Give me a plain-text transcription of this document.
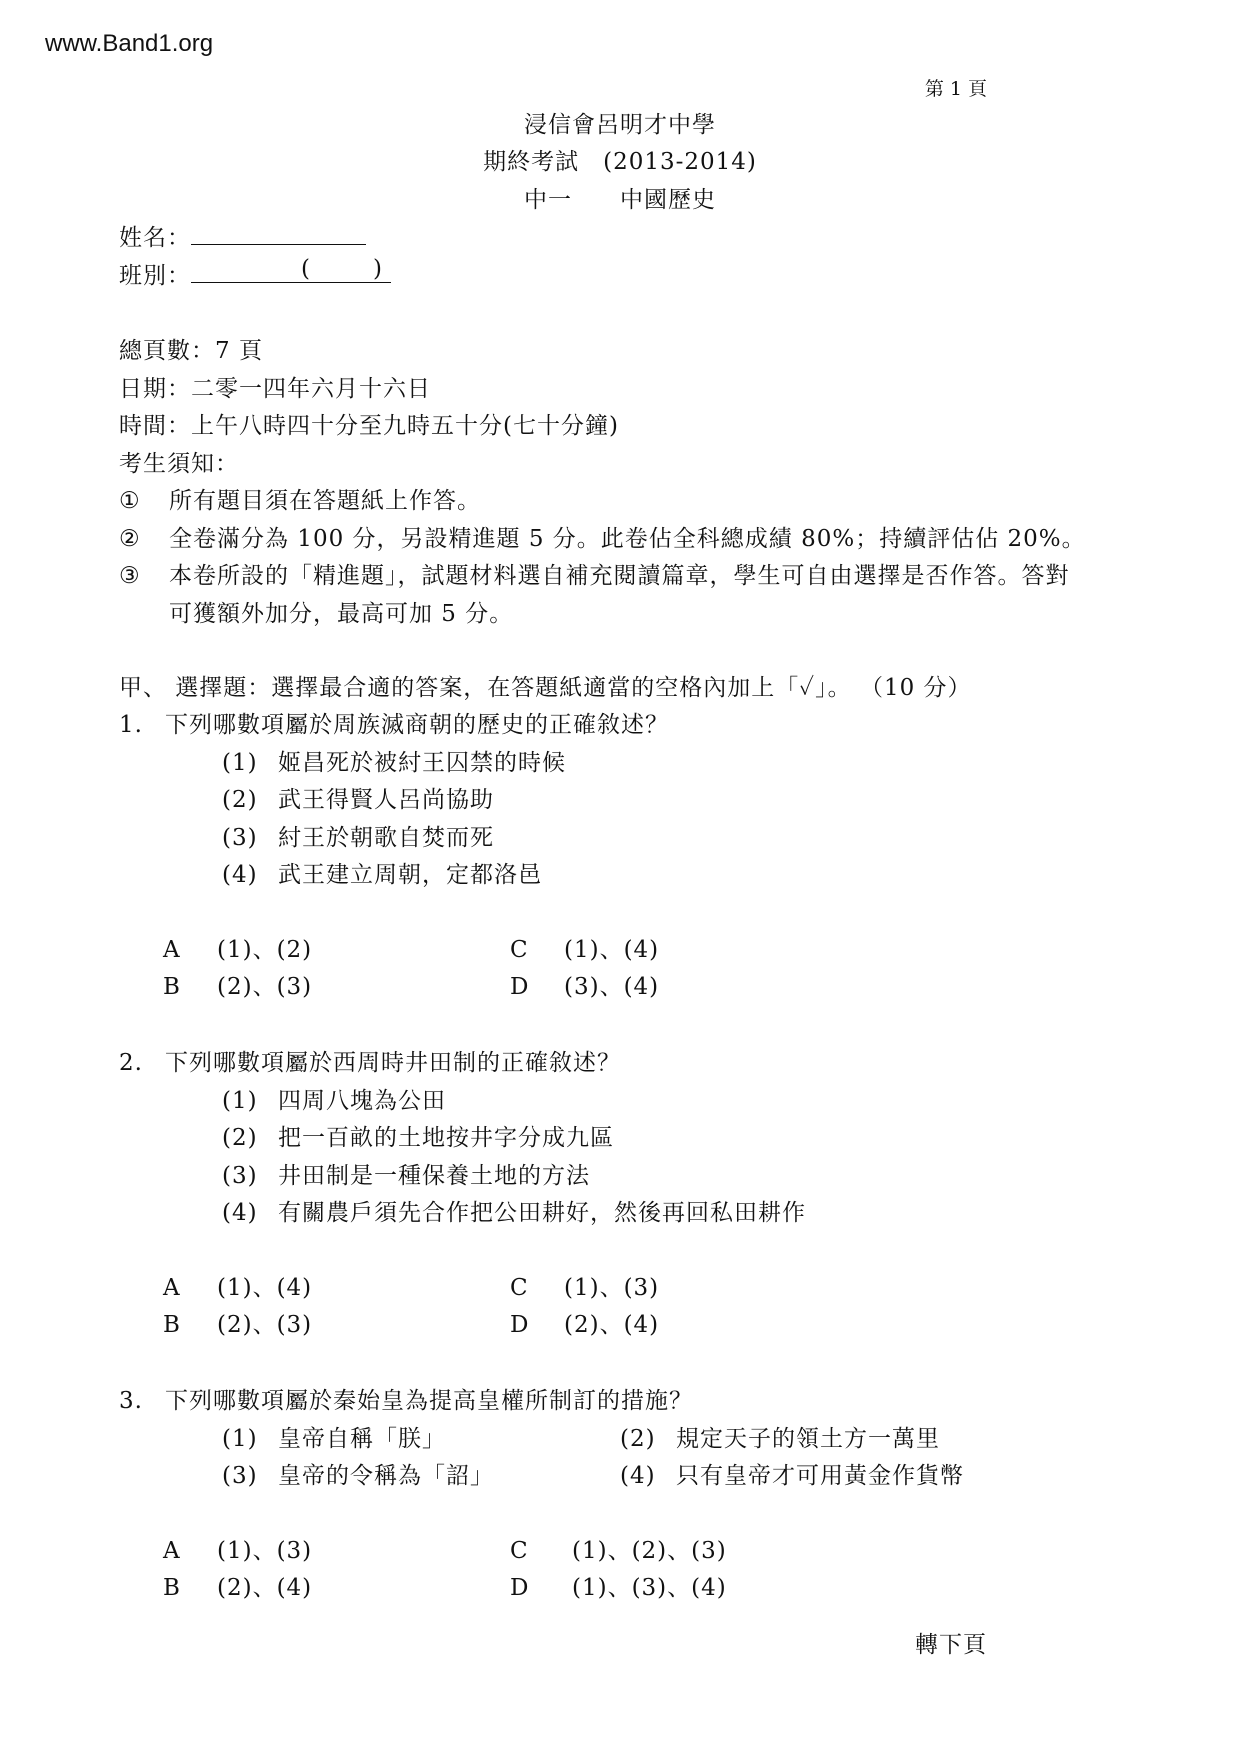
www.Band1.org
第 1 頁
浸信會呂明才中學
期終考試　(2013-2014)
中一　　中國歷史
姓名：
班別：	(	)
總頁數：7 頁
日期：二零一四年六月十六日
時間：上午八時四十分至九時五十分(七十分鐘)
考生須知：
① 所有題目須在答題紙上作答。
② 全卷滿分為 100 分，另設精進題 5 分。此卷佔全科總成績 80%；持續評估佔 20%。
③ 本卷所設的「精進題」，試題材料選自補充閱讀篇章，學生可自由選擇是否作答。答對
可獲額外加分，最高可加 5 分。
甲、 選擇題：選擇最合適的答案，在答題紙適當的空格內加上「✓」。 （10 分）
1. 下列哪數項屬於周族滅商朝的歷史的正確敘述？
(1) 姬昌死於被紂王囚禁的時候
(2) 武王得賢人呂尚協助
(3) 紂王於朝歌自焚而死
(4) 武王建立周朝，定都洛邑
A (1)、(2)	C (1)、(4)
B (2)、(3)	D (3)、(4)
2. 下列哪數項屬於西周時井田制的正確敘述？
(1) 四周八塊為公田
(2) 把一百畝的土地按井字分成九區
(3) 井田制是一種保養土地的方法
(4) 有關農戶須先合作把公田耕好，然後再回私田耕作
A (1)、(4)	C (1)、(3)
B (2)、(3)	D (2)、(4)
3. 下列哪數項屬於秦始皇為提高皇權所制訂的措施？
(1) 皇帝自稱「朕」	(2) 規定天子的領土方一萬里
(3) 皇帝的令稱為「詔」	(4) 只有皇帝才可用黃金作貨幣
A (1)、(3)	C (1)、(2)、(3)
B (2)、(4)	D (1)、(3)、(4)
轉下頁
